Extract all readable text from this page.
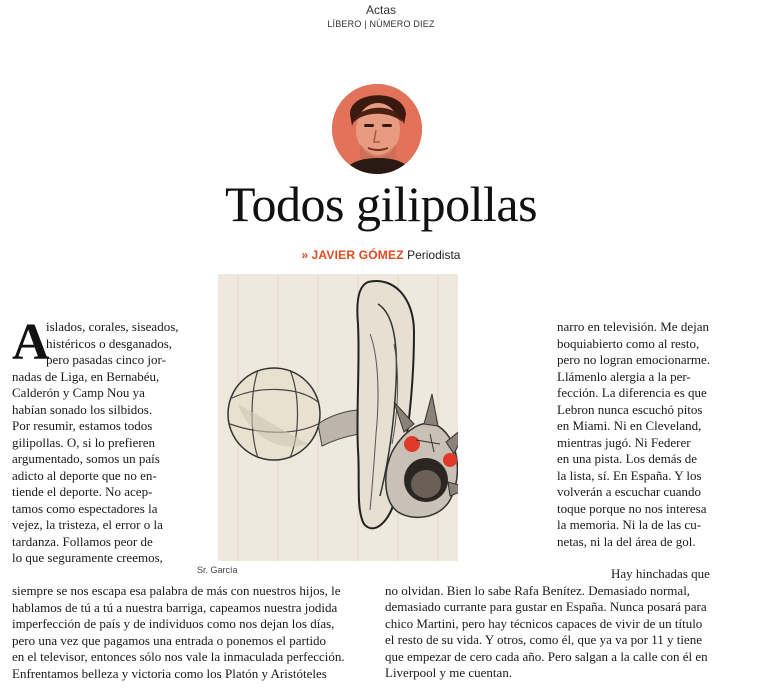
Actas
LÍBERO | NÚMERO DIEZ
Todos gilipollas
» JAVIER GÓMEZ Periodista
Sr. García
A
islados, corales, siseados,
histéricos o desganados,
pero pasadas cinco jor-
nadas de Liga, en Bernabéu,
Calderón y Camp Nou ya
habían sonado los silbidos.
Por resumir, estamos todos
gilipollas. O, si lo prefieren
argumentado, somos un país
adicto al deporte que no en-
tiende el deporte. No acep-
tamos como espectadores la
vejez, la tristeza, el error o la
tardanza. Follamos peor de
lo que seguramente creemos,
siempre se nos escapa esa palabra de más con nuestros hijos, le
hablamos de tú a tú a nuestra barriga, capeamos nuestra jodida
imperfección de país y de individuos como nos dejan los días,
pero una vez que pagamos una entrada o ponemos el partido
en el televisor, entonces sólo nos vale la inmaculada perfección.
Enfrentamos belleza y victoria como los Platón y Aristóteles
narro en televisión. Me dejan
boquiabierto como al resto,
pero no logran emocionarme.
Llámenlo alergia a la per-
fección. La diferencia es que
Lebron nunca escuchó pitos
en Miami. Ni en Cleveland,
mientras jugó. Ni Federer
en una pista. Los demás de
la lista, sí. En España. Y los
volverán a escuchar cuando
toque porque no nos interesa
la memoria. Ni la de las cu-
netas, ni la del área de gol.
Hay hinchadas que
no olvidan. Bien lo sabe Rafa Benítez. Demasiado normal,
demasiado currante para gustar en España. Nunca posará para
chico Martini, pero hay técnicos capaces de vivir de un título
el resto de su vida. Y otros, como él, que ya va por 11 y tiene
que empezar de cero cada año. Pero salgan a la calle con él en
Liverpool y me cuentan.
